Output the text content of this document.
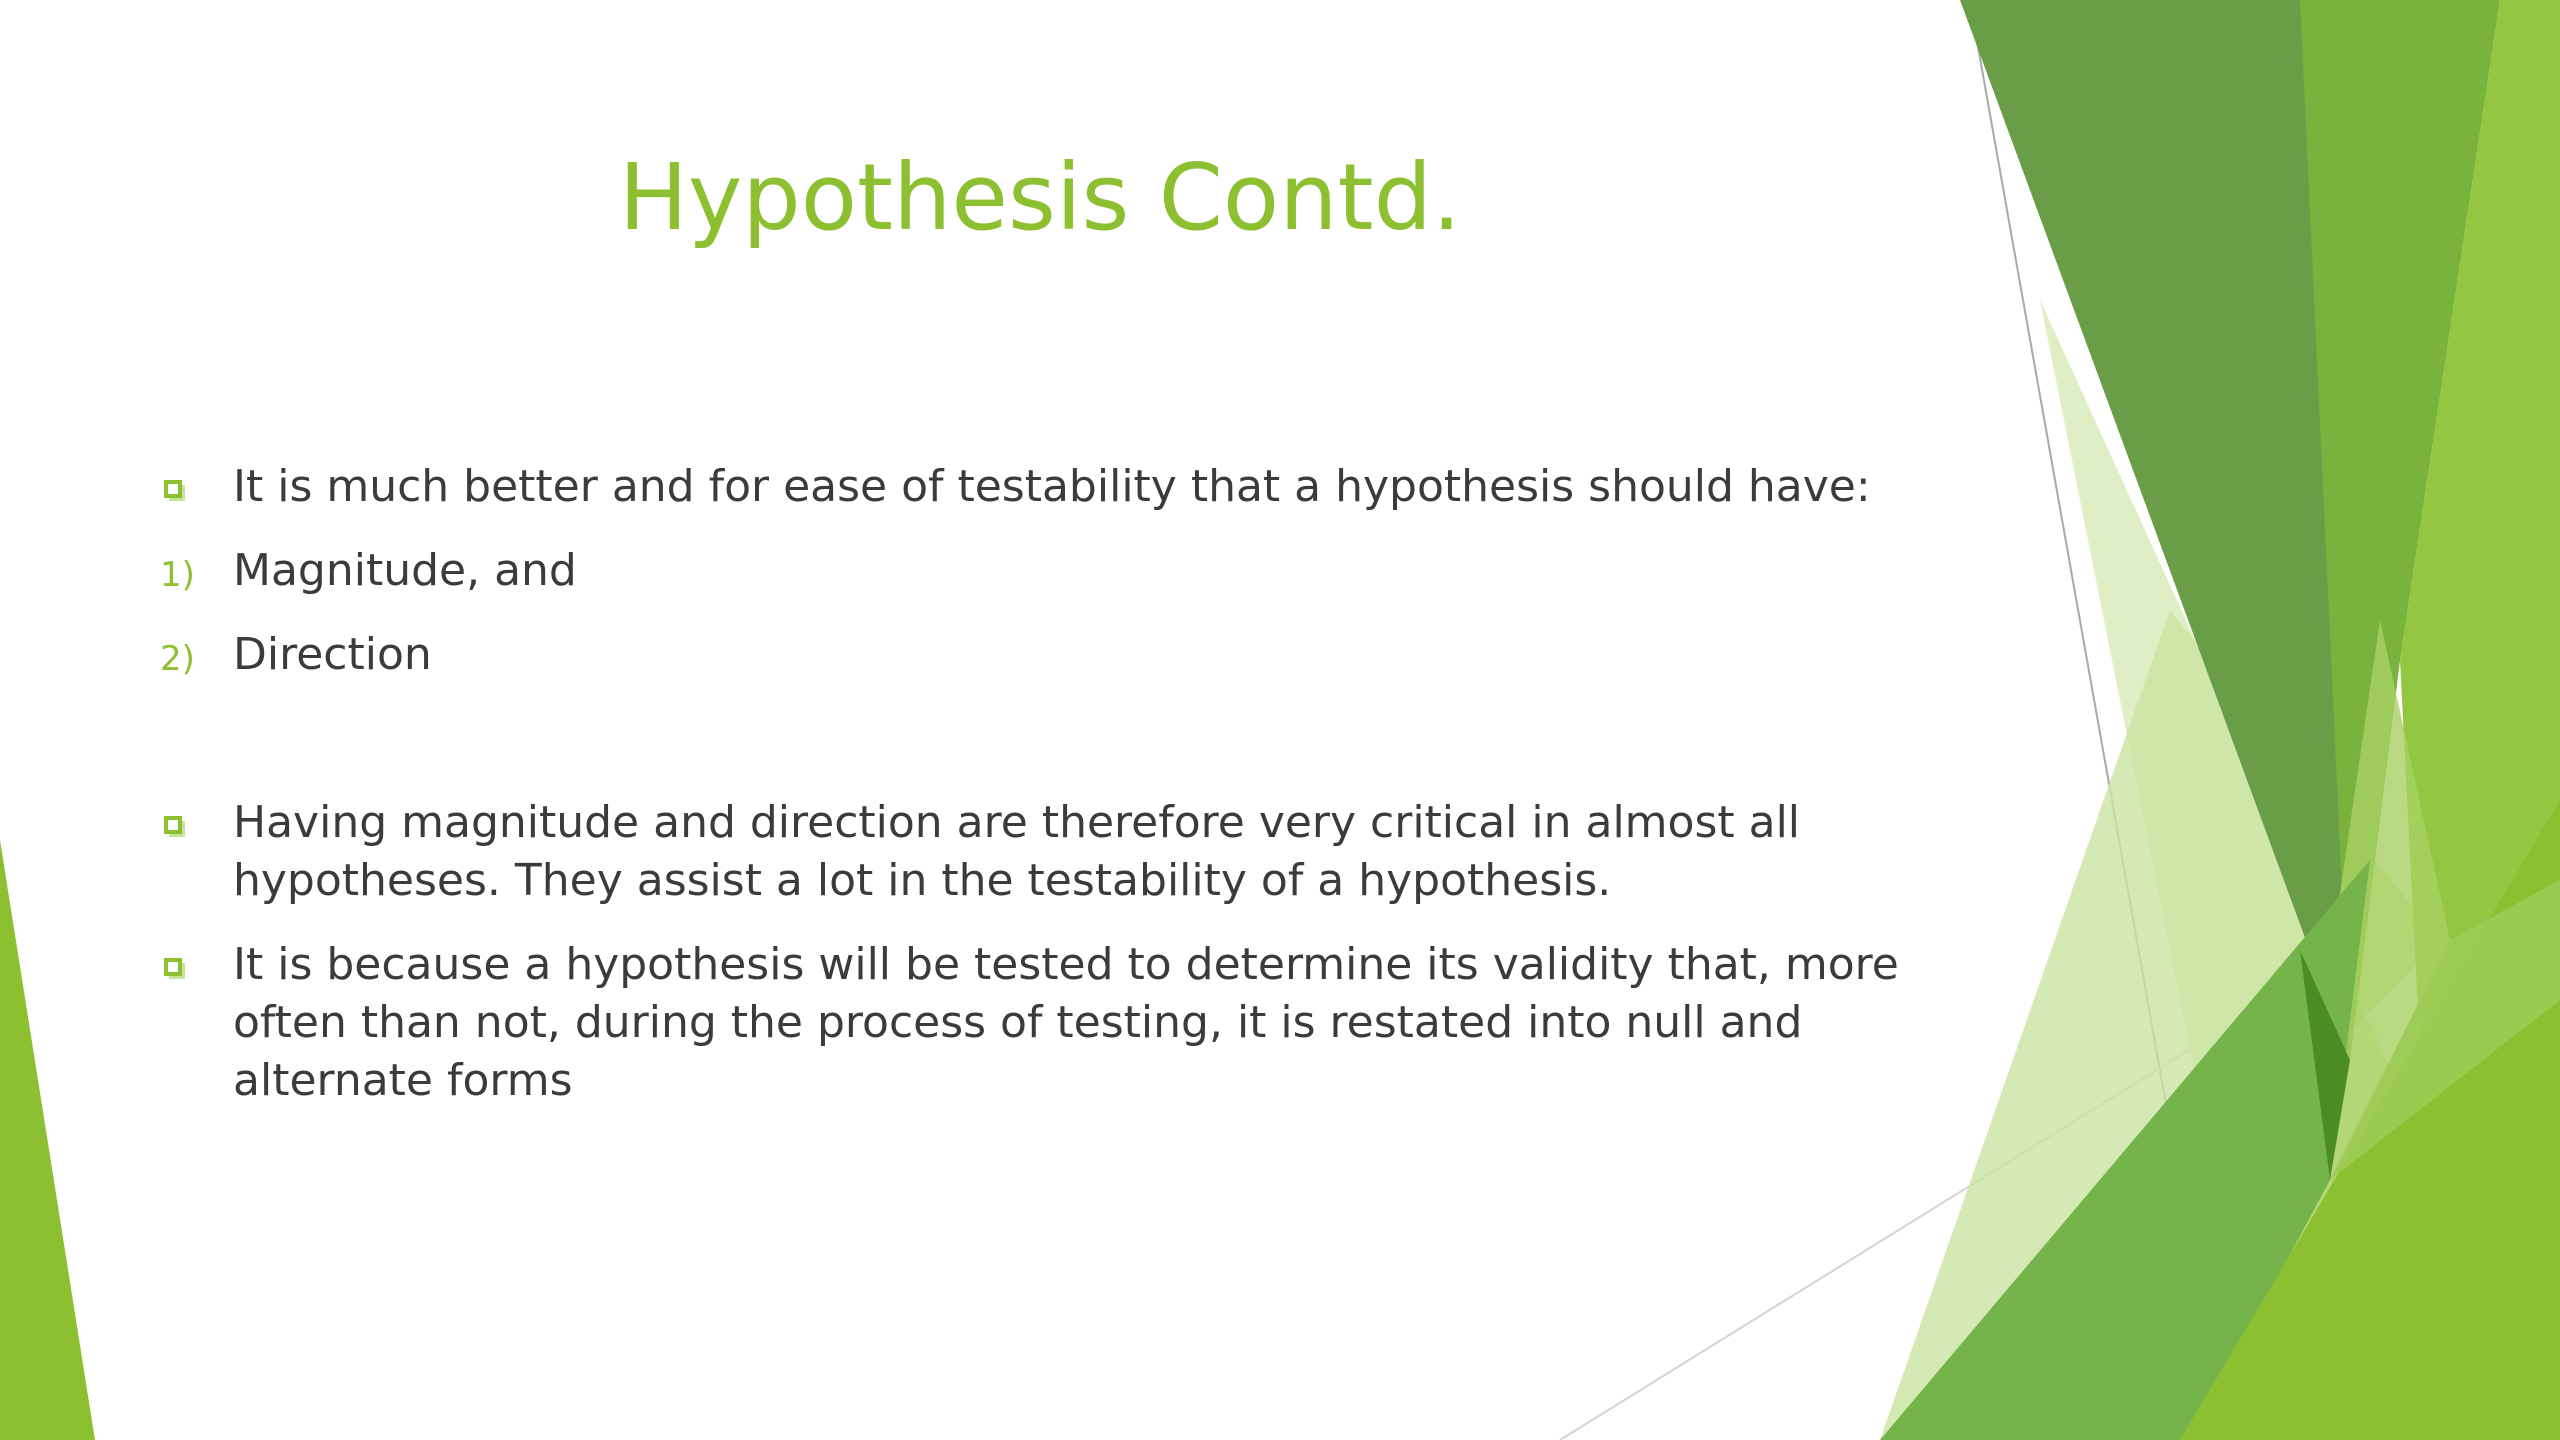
Hypothesis Contd.
It is much better and for ease of testability that a hypothesis should have:
1) Magnitude, and
2) Direction
Having magnitude and direction are therefore very critical in almost all hypotheses. They assist a lot in the testability of a hypothesis.
It is because a hypothesis will be tested to determine its validity that, more often than not, during the process of testing, it is restated into null and alternate forms
